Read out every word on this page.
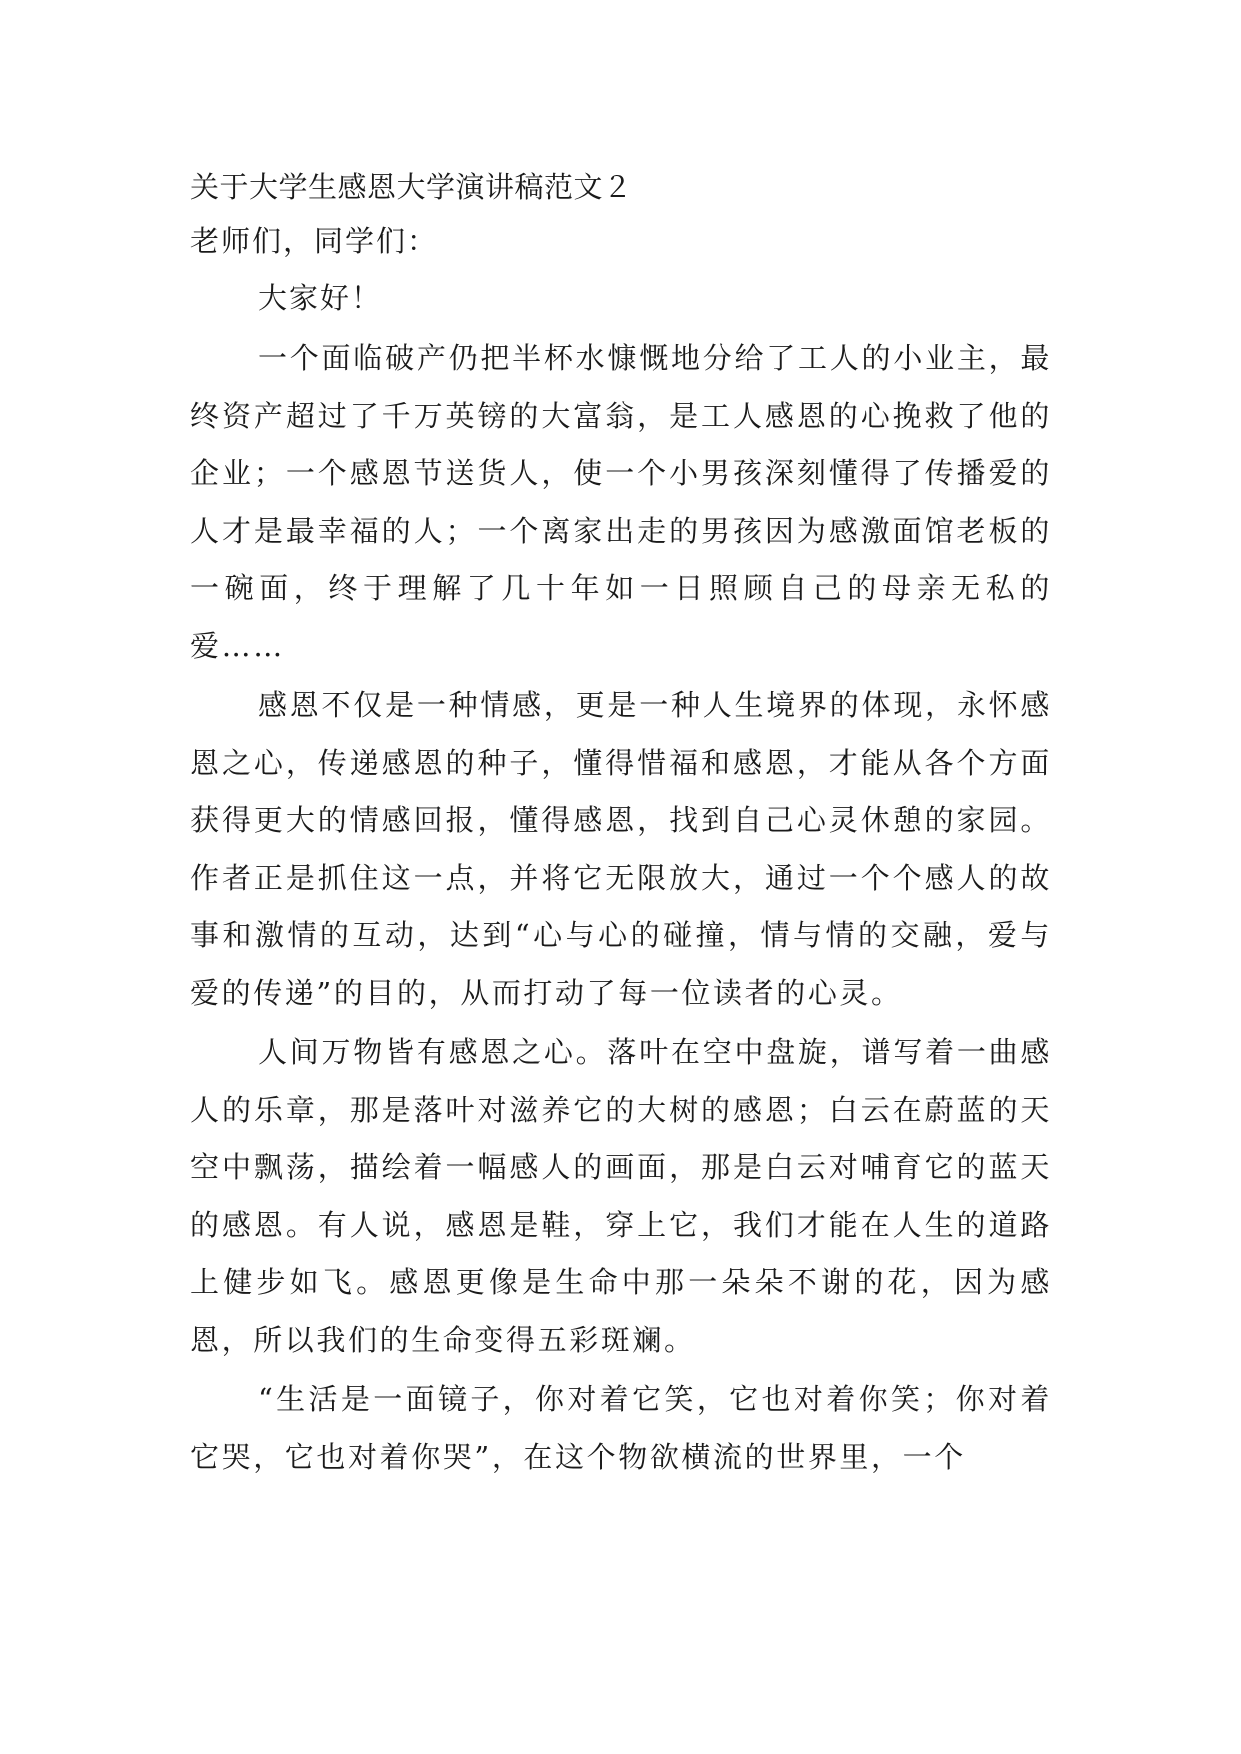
关于大学生感恩大学演讲稿范文２

老师们，同学们：

大家好！

一个面临破产仍把半杯水慷慨地分给了工人的小业主，最终资产超过了千万英镑的大富翁，是工人感恩的心挽救了他的企业；一个感恩节送货人，使一个小男孩深刻懂得了传播爱的人才是最幸福的人；一个离家出走的男孩因为感激面馆老板的一碗面，终于理解了几十年如一日照顾自己的母亲无私的爱……

感恩不仅是一种情感，更是一种人生境界的体现，永怀感恩之心，传递感恩的种子，懂得惜福和感恩，才能从各个方面获得更大的情感回报，懂得感恩，找到自己心灵休憩的家园。作者正是抓住这一点，并将它无限放大，通过一个个感人的故事和激情的互动，达到“心与心的碰撞，情与情的交融，爱与爱的传递”的目的，从而打动了每一位读者的心灵。

人间万物皆有感恩之心。落叶在空中盘旋，谱写着一曲感人的乐章，那是落叶对滋养它的大树的感恩；白云在蔚蓝的天空中飘荡，描绘着一幅感人的画面，那是白云对哺育它的蓝天的感恩。有人说，感恩是鞋，穿上它，我们才能在人生的道路上健步如飞。感恩更像是生命中那一朵朵不谢的花，因为感恩，所以我们的生命变得五彩斑斓。

“生活是一面镜子，你对着它笑，它也对着你笑；你对着它哭，它也对着你哭”，在这个物欲横流的世界里，一个
